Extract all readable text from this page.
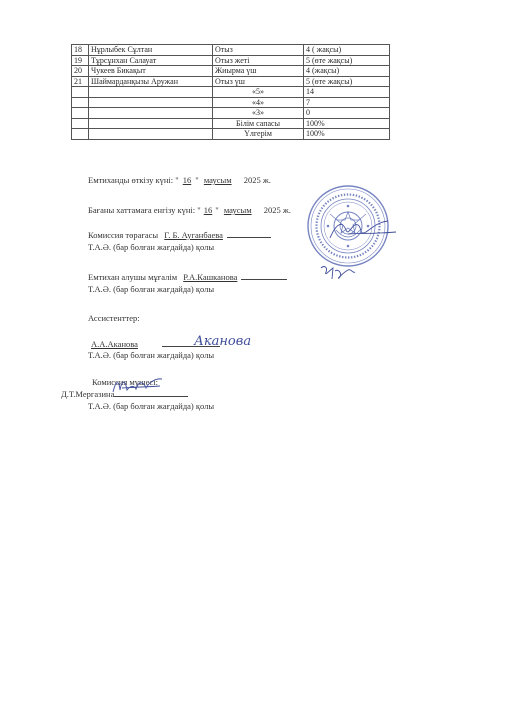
18	Нұрлыбек Сұлтан	Отыз	4 ( жақсы)
19	Тұрсұнхан Салауат	Отыз жеті	5 (өте жақсы)
20	Чукеев Бикақыт	Жиырма үш	4 (жақсы)
21	Шаймарданқызы Аружан	Отыз үш	5 (өте жақсы)
		«5»	14
		«4»	7
		«3»	0
		Білім сапасы	100%
		Үлгерім	100%
Емтиханды өткізу күні: " 16 " маусым 2025 ж.
Бағаны хаттамаға енгізу күні: " 16 " маусым 2025 ж.
Комиссия төрағасы Г. Б. Ауганбаева
Т.А.Ә. (бар болған жағдайда) қолы
Емтихан алушы мұғалім Р.А.Кашканова
Т.А.Ә. (бар болған жағдайда) қолы
Ассистенттер:
А.А.Аканова
Т.А.Ә. (бар болған жағдайда) қолы
Комиссия мүшесі:
Д.Т.Мергазина
Т.А.Ә. (бар болған жағдайда) қолы
Аканова
